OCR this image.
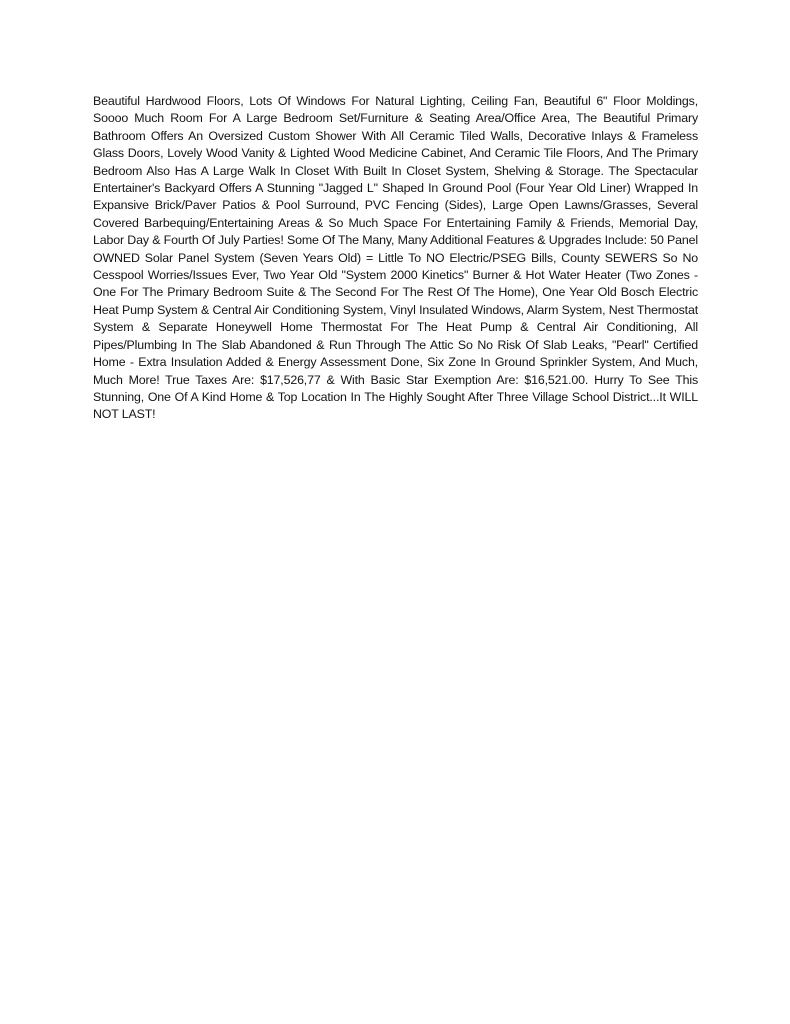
Beautiful Hardwood Floors, Lots Of Windows For Natural Lighting, Ceiling Fan, Beautiful 6" Floor Moldings, Soooo Much Room For A Large Bedroom Set/Furniture & Seating Area/Office Area, The Beautiful Primary Bathroom Offers An Oversized Custom Shower With All Ceramic Tiled Walls, Decorative Inlays & Frameless Glass Doors, Lovely Wood Vanity & Lighted Wood Medicine Cabinet, And Ceramic Tile Floors, And The Primary Bedroom Also Has A Large Walk In Closet With Built In Closet System, Shelving & Storage. The Spectacular Entertainer's Backyard Offers A Stunning "Jagged L" Shaped In Ground Pool (Four Year Old Liner) Wrapped In Expansive Brick/Paver Patios & Pool Surround, PVC Fencing (Sides), Large Open Lawns/Grasses, Several Covered Barbequing/Entertaining Areas & So Much Space For Entertaining Family & Friends, Memorial Day, Labor Day & Fourth Of July Parties! Some Of The Many, Many Additional Features & Upgrades Include: 50 Panel OWNED Solar Panel System (Seven Years Old) = Little To NO Electric/PSEG Bills, County SEWERS So No Cesspool Worries/Issues Ever, Two Year Old "System 2000 Kinetics" Burner & Hot Water Heater (Two Zones - One For The Primary Bedroom Suite & The Second For The Rest Of The Home), One Year Old Bosch Electric Heat Pump System & Central Air Conditioning System, Vinyl Insulated Windows, Alarm System, Nest Thermostat System & Separate Honeywell Home Thermostat For The Heat Pump & Central Air Conditioning, All Pipes/Plumbing In The Slab Abandoned & Run Through The Attic So No Risk Of Slab Leaks, "Pearl" Certified Home - Extra Insulation Added & Energy Assessment Done, Six Zone In Ground Sprinkler System, And Much, Much More! True Taxes Are: $17,526,77 & With Basic Star Exemption Are: $16,521.00. Hurry To See This Stunning, One Of A Kind Home & Top Location In The Highly Sought After Three Village School District...It WILL NOT LAST!
